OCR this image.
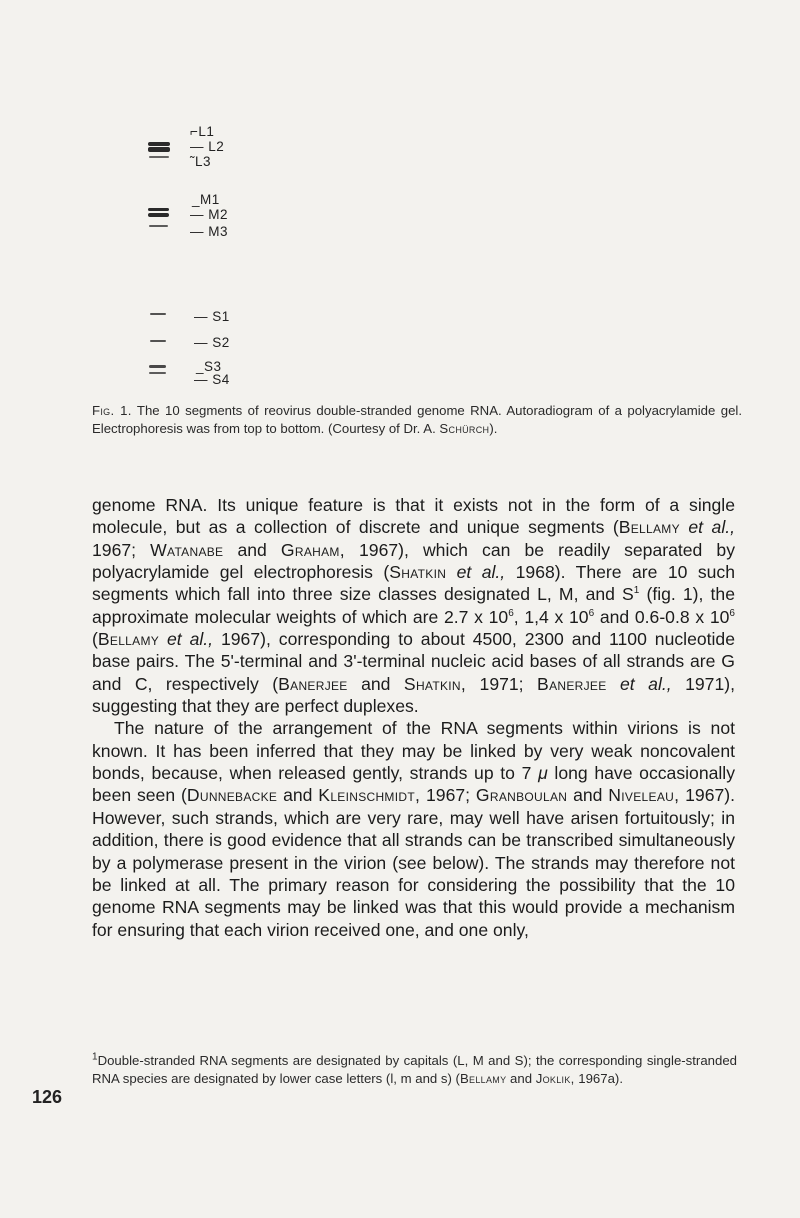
⌐L1
— L2
˜L3
_M1
— M2
— M3
— S1
— S2
_S3
— S4
Fig. 1. The 10 segments of reovirus double-stranded genome RNA. Autoradiogram of a polyacrylamide gel. Electrophoresis was from top to bottom. (Courtesy of Dr. A. Schürch).

genome RNA. Its unique feature is that it exists not in the form of a single molecule, but as a collection of discrete and unique segments (Bellamy et al., 1967; Watanabe and Graham, 1967), which can be readily separated by polyacrylamide gel electrophoresis (Shatkin et al., 1968). There are 10 such segments which fall into three size classes designated L, M, and $S^1$ (fig. 1), the approximate molecular weights of which are 2.7 x $10^6$, 1,4 x $10^6$ and 0.6-0.8 x $10^6$ (Bellamy et al., 1967), corresponding to about 4500, 2300 and 1100 nucleotide base pairs. The 5'-terminal and 3'-terminal nucleic acid bases of all strands are G and C, respectively (Banerjee and Shatkin, 1971; Banerjee et al., 1971), suggesting that they are perfect duplexes.

The nature of the arrangement of the RNA segments within virions is not known. It has been inferred that they may be linked by very weak noncovalent bonds, because, when released gently, strands up to 7 μ long have occasionally been seen (Dunnebacke and Kleinschmidt, 1967; Granboulan and Niveleau, 1967). However, such strands, which are very rare, may well have arisen fortuitously; in addition, there is good evidence that all strands can be transcribed simultaneously by a polymerase present in the virion (see below). The strands may therefore not be linked at all. The primary reason for considering the possibility that the 10 genome RNA segments may be linked was that this would provide a mechanism for ensuring that each virion received one, and one only,

$^1$Double-stranded RNA segments are designated by capitals (L, M and S); the corresponding single-stranded RNA species are designated by lower case letters (l, m and s) (Bellamy and Joklik, 1967a).
126
